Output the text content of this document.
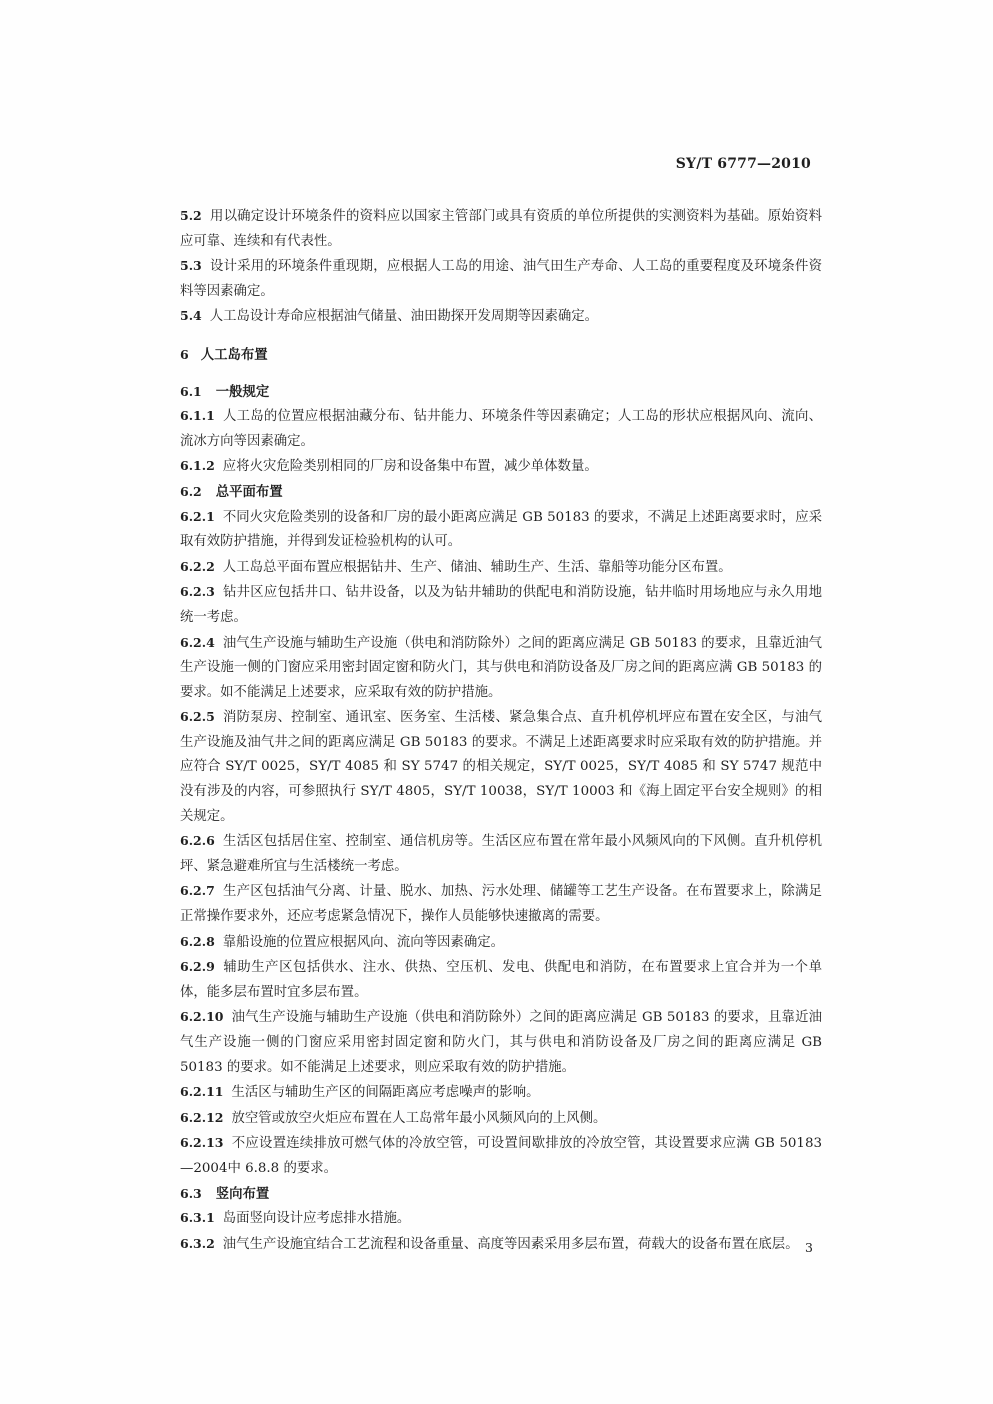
SY/T 6777—2010

5.2 用以确定设计环境条件的资料应以国家主管部门或具有资质的单位所提供的实测资料为基础。原始资料应可靠、连续和有代表性。

5.3 设计采用的环境条件重现期，应根据人工岛的用途、油气田生产寿命、人工岛的重要程度及环境条件资料等因素确定。

5.4 人工岛设计寿命应根据油气储量、油田勘探开发周期等因素确定。

6 人工岛布置

6.1 一般规定

6.1.1 人工岛的位置应根据油藏分布、钻井能力、环境条件等因素确定；人工岛的形状应根据风向、流向、流冰方向等因素确定。

6.1.2 应将火灾危险类别相同的厂房和设备集中布置，减少单体数量。

6.2 总平面布置

6.2.1 不同火灾危险类别的设备和厂房的最小距离应满足 GB 50183 的要求，不满足上述距离要求时，应采取有效防护措施，并得到发证检验机构的认可。

6.2.2 人工岛总平面布置应根据钻井、生产、储油、辅助生产、生活、靠船等功能分区布置。

6.2.3 钻井区应包括井口、钻井设备，以及为钻井辅助的供配电和消防设施，钻井临时用场地应与永久用地统一考虑。

6.2.4 油气生产设施与辅助生产设施（供电和消防除外）之间的距离应满足 GB 50183 的要求，且靠近油气生产设施一侧的门窗应采用密封固定窗和防火门，其与供电和消防设备及厂房之间的距离应满 GB 50183 的要求。如不能满足上述要求，应采取有效的防护措施。

6.2.5 消防泵房、控制室、通讯室、医务室、生活楼、紧急集合点、直升机停机坪应布置在安全区，与油气生产设施及油气井之间的距离应满足 GB 50183 的要求。不满足上述距离要求时应采取有效的防护措施。并应符合 SY/T 0025，SY/T 4085 和 SY 5747 的相关规定，SY/T 0025，SY/T 4085 和 SY 5747 规范中没有涉及的内容，可参照执行 SY/T 4805，SY/T 10038，SY/T 10003 和《海上固定平台安全规则》的相关规定。

6.2.6 生活区包括居住室、控制室、通信机房等。生活区应布置在常年最小风频风向的下风侧。直升机停机坪、紧急避难所宜与生活楼统一考虑。

6.2.7 生产区包括油气分离、计量、脱水、加热、污水处理、储罐等工艺生产设备。在布置要求上，除满足正常操作要求外，还应考虑紧急情况下，操作人员能够快速撤离的需要。

6.2.8 靠船设施的位置应根据风向、流向等因素确定。

6.2.9 辅助生产区包括供水、注水、供热、空压机、发电、供配电和消防，在布置要求上宜合并为一个单体，能多层布置时宜多层布置。

6.2.10 油气生产设施与辅助生产设施（供电和消防除外）之间的距离应满足 GB 50183 的要求，且靠近油气生产设施一侧的门窗应采用密封固定窗和防火门，其与供电和消防设备及厂房之间的距离应满足 GB 50183 的要求。如不能满足上述要求，则应采取有效的防护措施。

6.2.11 生活区与辅助生产区的间隔距离应考虑噪声的影响。

6.2.12 放空管或放空火炬应布置在人工岛常年最小风频风向的上风侧。

6.2.13 不应设置连续排放可燃气体的冷放空管，可设置间歇排放的冷放空管，其设置要求应满 GB 50183—2004中 6.8.8 的要求。

6.3 竖向布置

6.3.1 岛面竖向设计应考虑排水措施。

6.3.2 油气生产设施宜结合工艺流程和设备重量、高度等因素采用多层布置，荷载大的设备布置在底层。 3
